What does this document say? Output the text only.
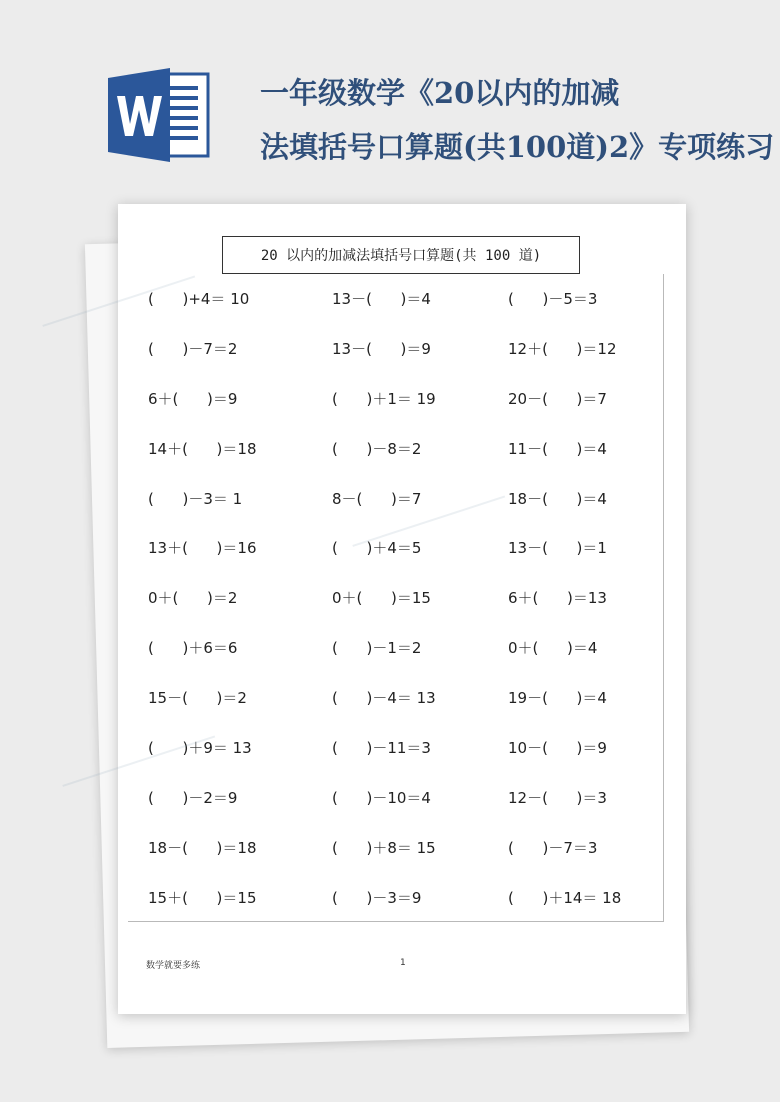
一年级数学《20以内的加减
法填括号口算题(共100道)2》专项练习
20 以内的加减法填括号口算题(共 100 道)
(      )+4＝ 10	13－(      )＝4	(      )－5＝3
(      )－7＝2	13－(      )＝9	12＋(      )＝12
6＋(      )＝9	(      )＋1＝ 19	20－(      )＝7
14＋(      )＝18	(      )－8＝2	11－(      )＝4
(      )－3＝ 1	8－(      )＝7	18－(      )＝4
13＋(      )＝16	(      )＋4＝5	13－(      )＝1
0＋(      )＝2	0＋(      )＝15	6＋(      )＝13
(      )＋6＝6	(      )－1＝2	0＋(      )＝4
15－(      )＝2	(      )－4＝ 13	19－(      )＝4
(      )＋9＝ 13	(      )－11＝3	10－(      )＝9
(      )－2＝9	(      )－10＝4	12－(      )＝3
18－(      )＝18	(      )＋8＝ 15	(      )－7＝3
15＋(      )＝15	(      )－3＝9	(      )＋14＝ 18
数学就要多练	1
